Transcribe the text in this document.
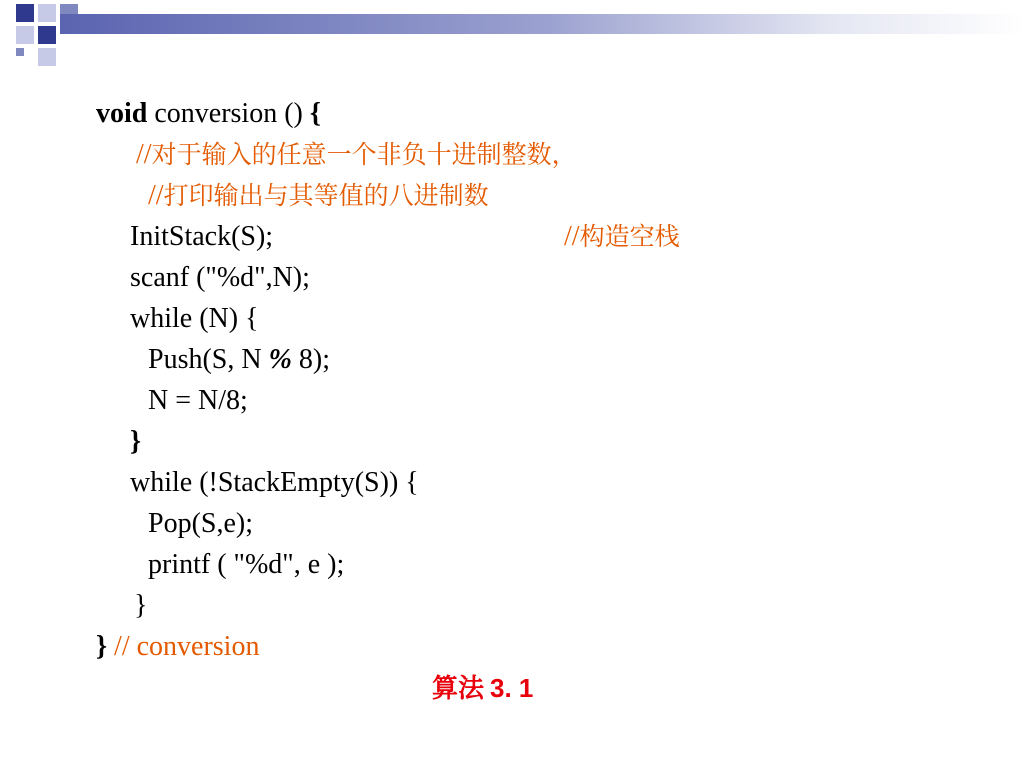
void conversion () {
//对于输入的任意一个非负十进制整数，
//打印输出与其等值的八进制数
InitStack(S);	//构造空栈
scanf ("%d",N);
while (N) {
Push(S, N % 8);
N = N/8;
}
while (!StackEmpty(S)) {
Pop(S,e);
printf ( "%d", e );
}
} // conversion
算法 3. 1
